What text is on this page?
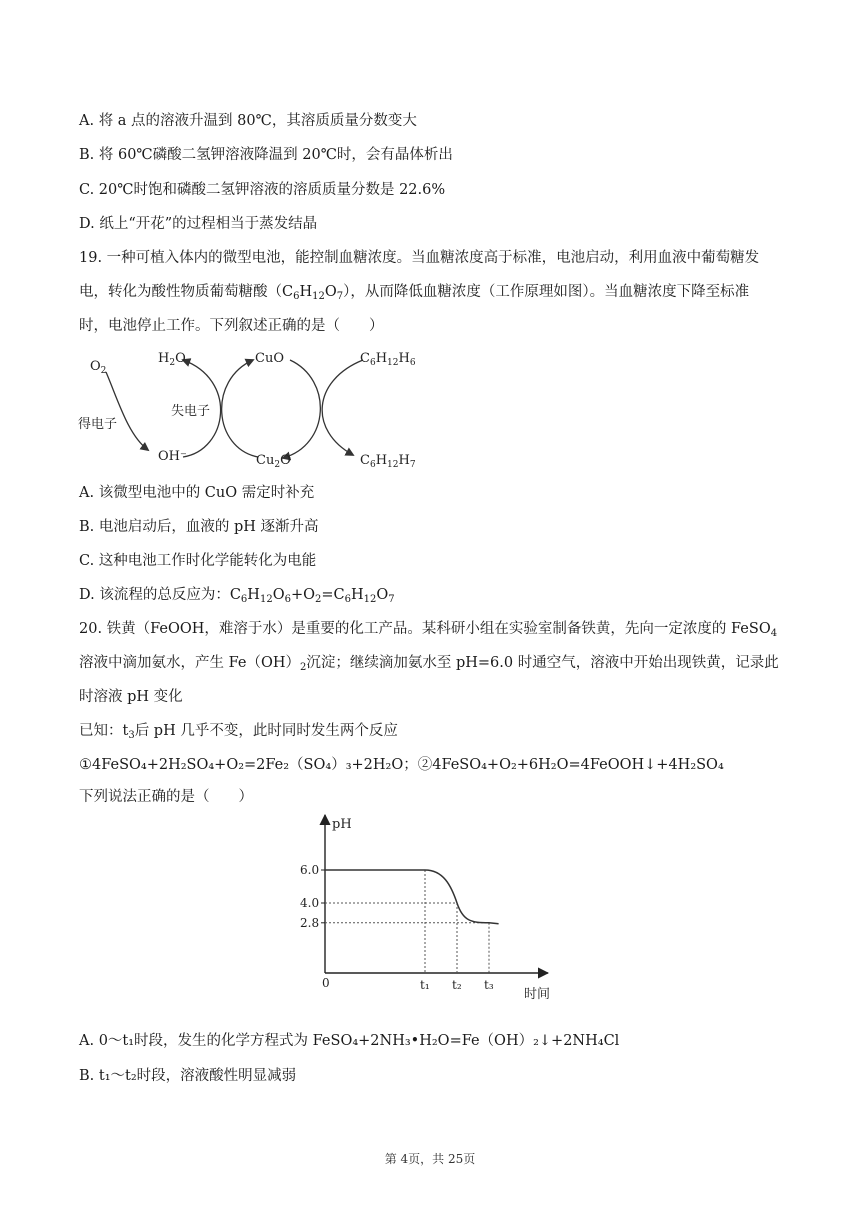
A. 将 a 点的溶液升温到 80℃，其溶质质量分数变大
B. 将 60℃磷酸二氢钾溶液降温到 20℃时，会有晶体析出
C. 20℃时饱和磷酸二氢钾溶液的溶质质量分数是 22.6%
D. 纸上“开花”的过程相当于蒸发结晶
19. 一种可植入体内的微型电池，能控制血糖浓度。当血糖浓度高于标准，电池启动，利用血液中葡萄糖发
电，转化为酸性物质葡萄糖酸$(C_6H_{12}O_7)$，从而降低血糖浓度（工作原理如图）。当血糖浓度下降至标准
时，电池停止工作。下列叙述正确的是（　　）
$O_2$
$H_2O$	CuO	$C_6H_{12}H_6$
得电子
失电子
OH⁻	$Cu_2O$	$C_6H_{12}H_7$
A. 该微型电池中的 CuO 需定时补充
B. 电池启动后，血液的 pH 逐渐升高
C. 这种电池工作时化学能转化为电能
D. 该流程的总反应为：$C_6H_{12}O_6+O_2=C_6H_{12}O_7$
20. 铁黄（FeOOH，难溶于水）是重要的化工产品。某科研小组在实验室制备铁黄，先向一定浓度的 FeSO$_4$
溶液中滴加氨水，产生 $Fe(OH)_2$沉淀；继续滴加氨水至 pH=6.0 时通空气，溶液中开始出现铁黄，记录此
时溶液 pH 变化
已知：$t_3$后 pH 几乎不变，此时同时发生两个反应
①4FeSO₄+2H₂SO₄+O₂=2Fe₂（SO₄）₃+2H₂O；②4FeSO₄+O₂+6H₂O=4FeOOH↓+4H₂SO₄
下列说法正确的是（　　）
pH
时间
0
6.0
4.0
2.8
t₁ t₂ t₃
A. 0～t₁时段，发生的化学方程式为 FeSO₄+2NH₃•H₂O=Fe（OH）₂↓+2NH₄Cl
B. t₁～t₂时段，溶液酸性明显减弱
第 4页，共 25页
